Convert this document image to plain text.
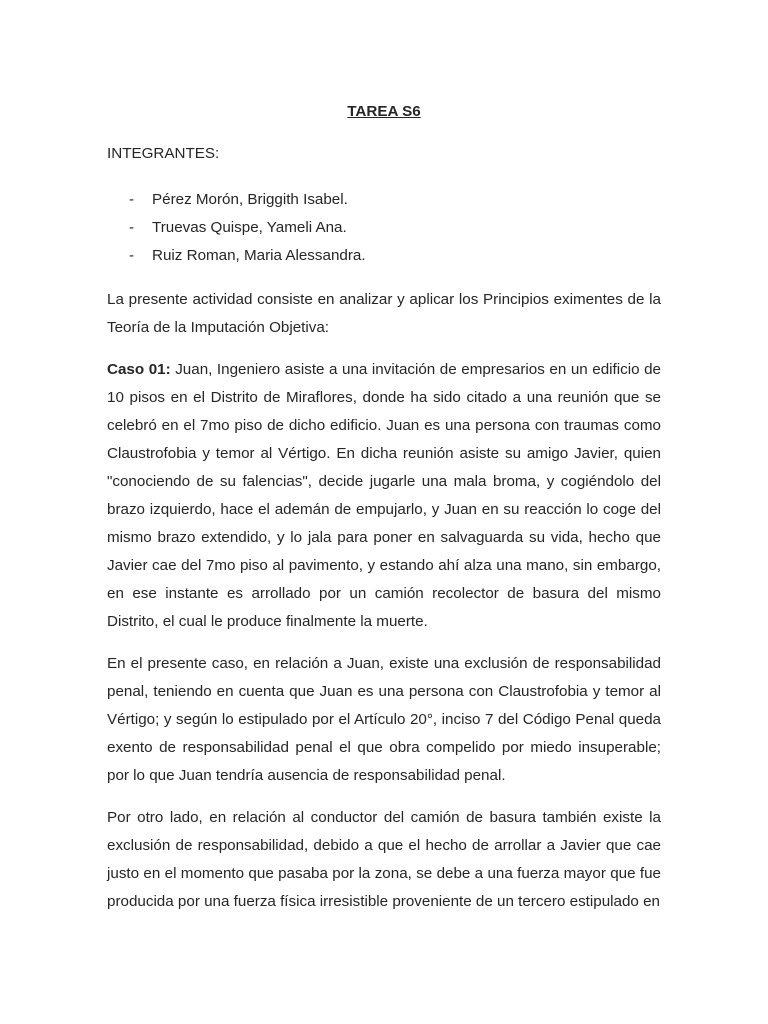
TAREA S6
INTEGRANTES:
- Pérez Morón, Briggith Isabel.
- Truevas Quispe, Yameli Ana.
- Ruiz Roman, Maria Alessandra.

La presente actividad consiste en analizar y aplicar los Principios eximentes de la Teoría de la Imputación Objetiva:

Caso 01: Juan, Ingeniero asiste a una invitación de empresarios en un edificio de 10 pisos en el Distrito de Miraflores, donde ha sido citado a una reunión que se celebró en el 7mo piso de dicho edificio. Juan es una persona con traumas como Claustrofobia y temor al Vértigo. En dicha reunión asiste su amigo Javier, quien "conociendo de su falencias", decide jugarle una mala broma, y cogiéndolo del brazo izquierdo, hace el ademán de empujarlo, y Juan en su reacción lo coge del mismo brazo extendido, y lo jala para poner en salvaguarda su vida, hecho que Javier cae del 7mo piso al pavimento, y estando ahí alza una mano, sin embargo, en ese instante es arrollado por un camión recolector de basura del mismo Distrito, el cual le produce finalmente la muerte.

En el presente caso, en relación a Juan, existe una exclusión de responsabilidad penal, teniendo en cuenta que Juan es una persona con Claustrofobia y temor al Vértigo; y según lo estipulado por el Artículo 20°, inciso 7 del Código Penal queda exento de responsabilidad penal el que obra compelido por miedo insuperable; por lo que Juan tendría ausencia de responsabilidad penal.

Por otro lado, en relación al conductor del camión de basura también existe la exclusión de responsabilidad, debido a que el hecho de arrollar a Javier que cae justo en el momento que pasaba por la zona, se debe a una fuerza mayor que fue producida por una fuerza física irresistible proveniente de un tercero estipulado en
